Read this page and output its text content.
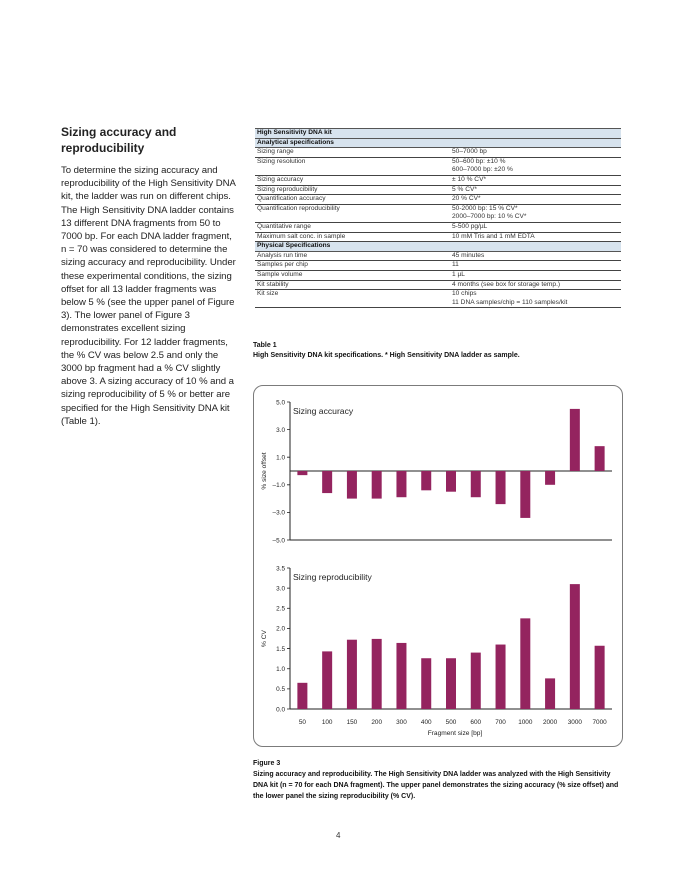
Sizing accuracy and reproducibility

To determine the sizing accuracy and reproducibility of the High Sensitivity DNA kit, the ladder was run on different chips. The High Sensitivity DNA ladder contains 13 different DNA fragments from 50 to 7000 bp. For each DNA ladder fragment, n = 70 was considered to determine the sizing accuracy and reproducibility. Under these experimental conditions, the sizing offset for all 13 ladder fragments was below 5 % (see the upper panel of Figure 3). The lower panel of Figure 3 demonstrates excellent sizing reproducibility. For 12 ladder fragments, the % CV was below 2.5 and only the 3000 bp fragment had a % CV slightly above 3. A sizing accuracy of 10 % and a sizing reproducibility of 5 % or better are specified for the High Sensitivity DNA kit (Table 1).

High Sensitivity DNA kit	
Analytical specifications	
Sizing range	50–7000 bp

Sizing resolution	50–600 bp: ±10 %
600–7000 bp: ±20 %

Sizing accuracy	± 10 % CV*

Sizing reproducibility	5 % CV*

Quantification accuracy	20 % CV*

Quantification reproducibility	50-2000 bp: 15 % CV*
2000–7000 bp: 10 % CV*

Quantitative range	5-500 pg/µL

Maximum salt conc. in sample	10 mM Tris and 1 mM EDTA

Physical Specifications	
Analysis run time	45 minutes

Samples per chip	11

Sample volume	1 µL

Kit stability	4 months (see box for storage temp.)

Kit size	10 chips
11 DNA samples/chip = 110 samples/kit
Table 1
High Sensitivity DNA kit specifications. * High Sensitivity DNA ladder as sample.
5.0
3.0
1.0
–1.0
–3.0
–5.0
Sizing accuracy
% size offset
3.5
3.0
2.5
2.0
1.5
1.0
0.5
0.0
Sizing reproducibility
% CV
50 100 150 200 300 400 500 600 700 1000 2000 3000 7000
Fragment size [bp]
Figure 3
Sizing accuracy and reproducibility. The High Sensitivity DNA ladder was analyzed with the High Sensitivity DNA kit (n = 70 for each DNA fragment). The upper panel demonstrates the sizing accuracy (% size offset) and the lower panel the sizing reproducibility (% CV).
4
